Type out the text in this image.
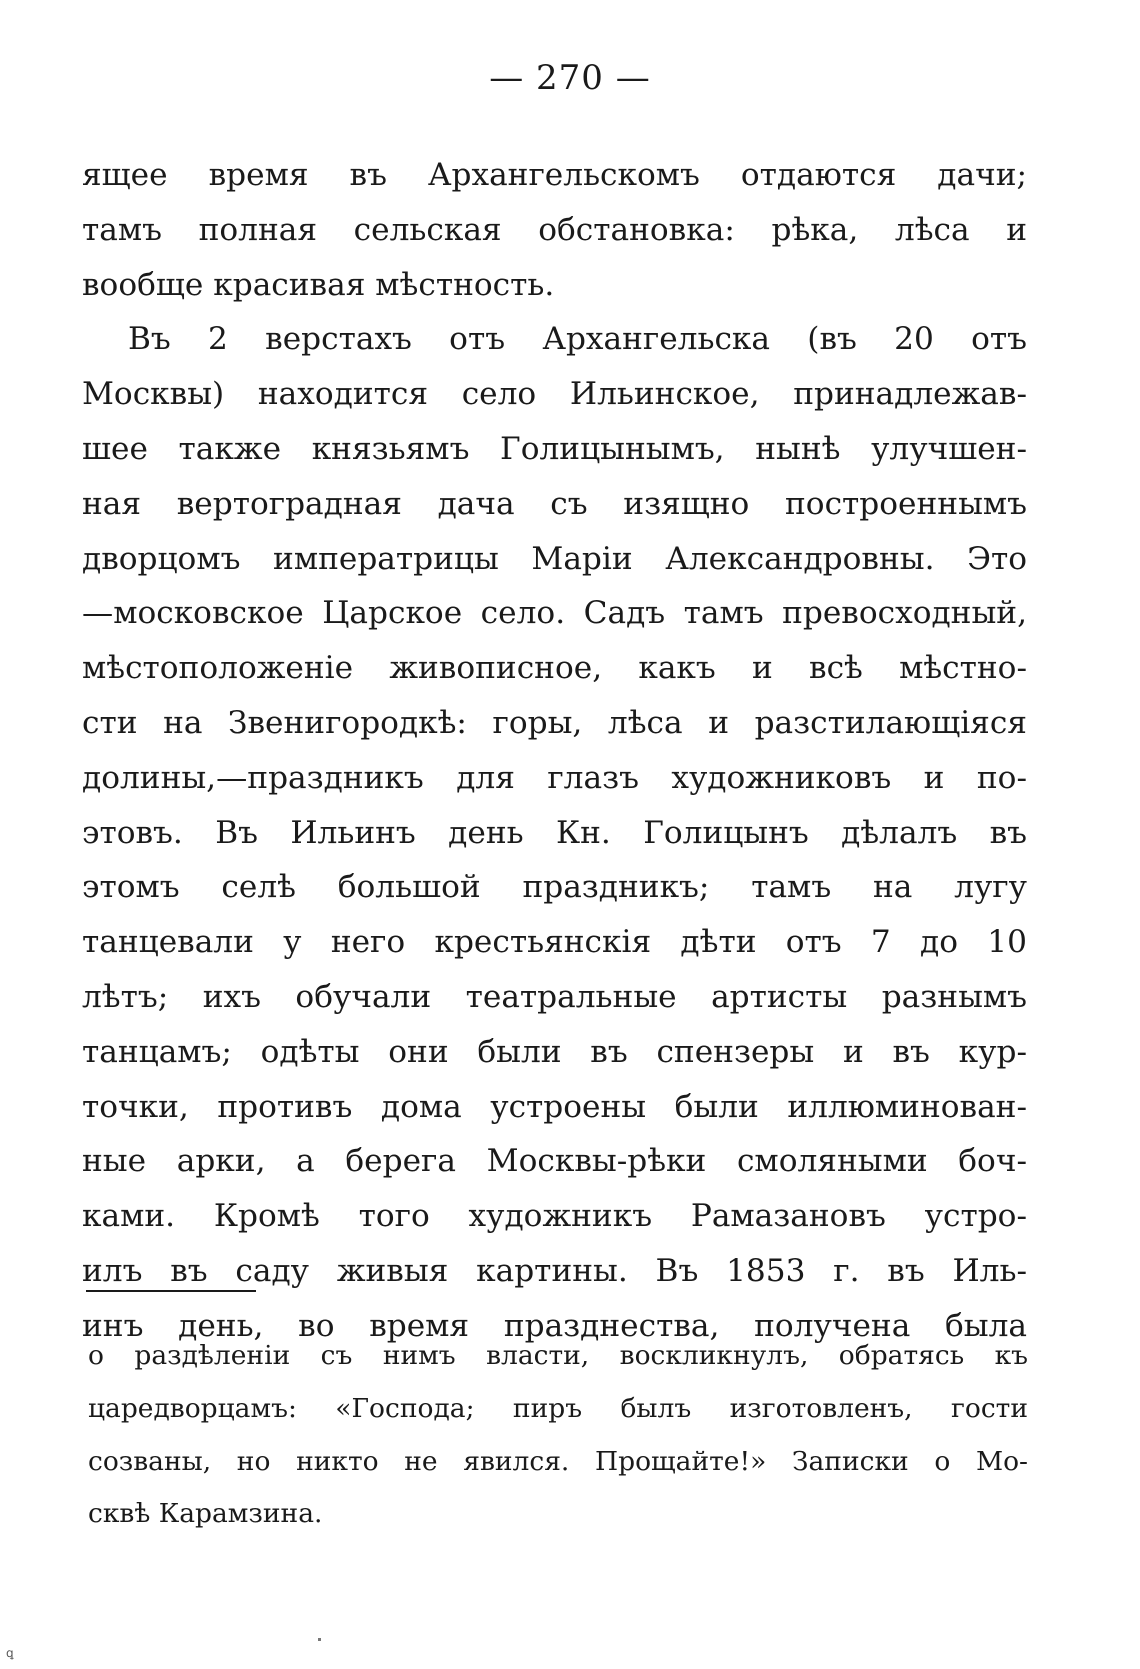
— 270 —
ящее время въ Архангельскомъ отдаются дачи;
тамъ полная сельская обстановка: рѣка, лѣса и
вообще красивая мѣстность.
Въ 2 верстахъ отъ Архангельска (въ 20 отъ
Москвы) находится село Ильинское, принадлежав-
шее также князьямъ Голицынымъ, нынѣ улучшен-
ная вертоградная дача съ изящно построеннымъ
дворцомъ императрицы Маріи Александровны. Это
—московское Царское село. Садъ тамъ превосходный,
мѣстоположеніе живописное, какъ и всѣ мѣстно-
сти на Звенигородкѣ: горы, лѣса и разстилающіяся
долины,—праздникъ для глазъ художниковъ и по-
этовъ. Въ Ильинъ день Кн. Голицынъ дѣлалъ въ
этомъ селѣ большой праздникъ; тамъ на лугу
танцевали у него крестьянскія дѣти отъ 7 до 10
лѣтъ; ихъ обучали театральные артисты разнымъ
танцамъ; одѣты они были въ спензеры и въ кур-
точки, противъ дома устроены были иллюминован-
ные арки, а берега Москвы-рѣки смоляными боч-
ками. Кромѣ того художникъ Рамазановъ устро-
илъ въ саду живыя картины. Въ 1853 г. въ Иль-
инъ день, во время празднества, получена была
о раздѣленіи съ нимъ власти, воскликнулъ, обратясь къ
царедворцамъ: «Господа; пиръ былъ изготовленъ, гости
созваны, но никто не явился. Прощайте!» Записки о Мо-
сквѣ Карамзина.
ꝗ
